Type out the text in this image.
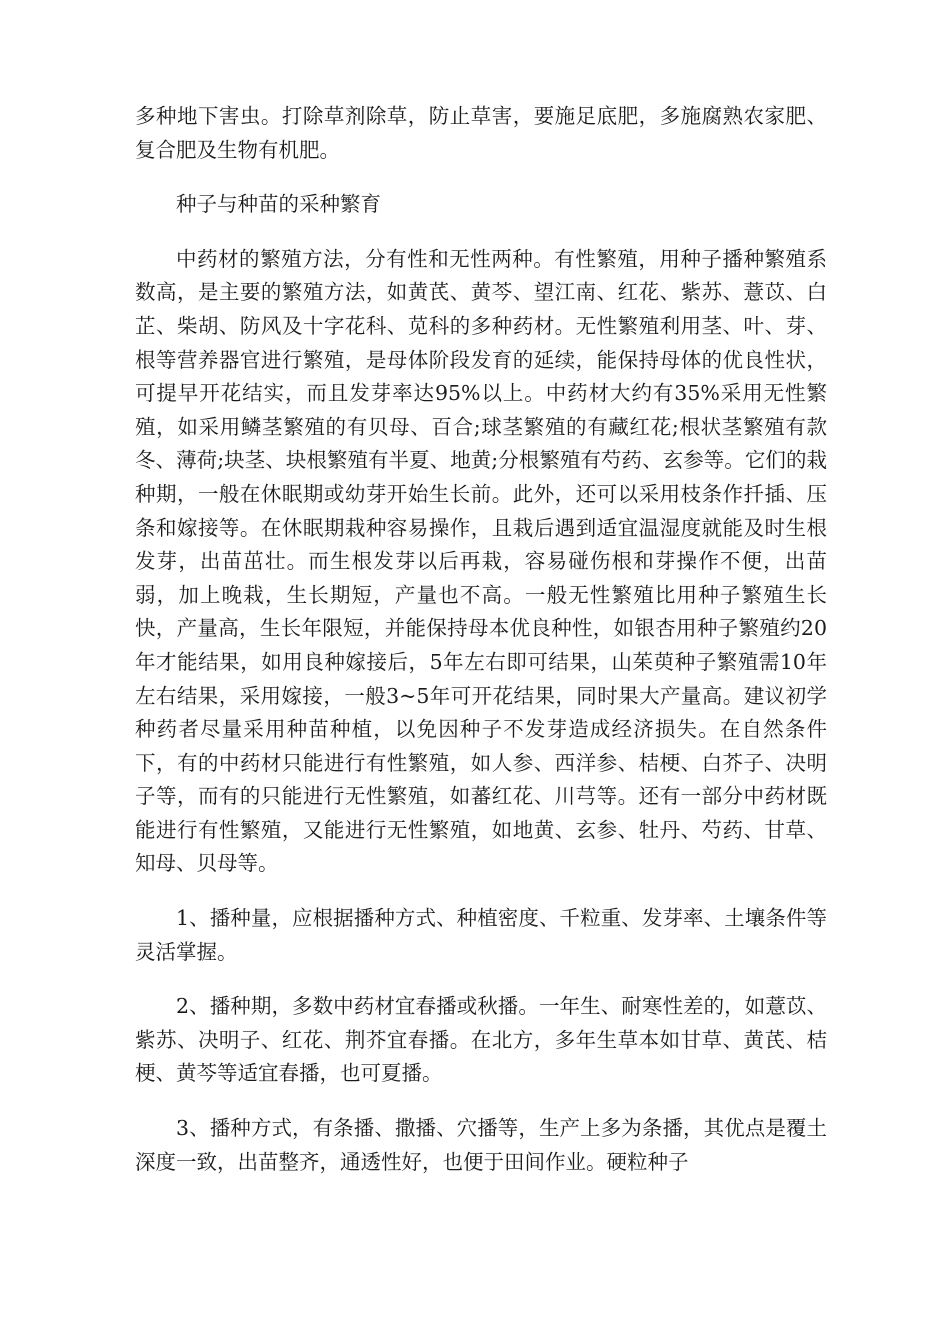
多种地下害虫。打除草剂除草，防止草害，要施足底肥，多施腐熟农家肥、复合肥及生物有机肥。

种子与种苗的采种繁育

中药材的繁殖方法，分有性和无性两种。有性繁殖，用种子播种繁殖系数高，是主要的繁殖方法，如黄芪、黄芩、望江南、红花、紫苏、薏苡、白芷、柴胡、防风及十字花科、苋科的多种药材。无性繁殖利用茎、叶、芽、根等营养器官进行繁殖，是母体阶段发育的延续，能保持母体的优良性状，可提早开花结实，而且发芽率达95%以上。中药材大约有35%采用无性繁殖，如采用鳞茎繁殖的有贝母、百合;球茎繁殖的有藏红花;根状茎繁殖有款冬、薄荷;块茎、块根繁殖有半夏、地黄;分根繁殖有芍药、玄参等。它们的栽种期，一般在休眠期或幼芽开始生长前。此外，还可以采用枝条作扦插、压条和嫁接等。在休眠期栽种容易操作，且栽后遇到适宜温湿度就能及时生根发芽，出苗茁壮。而生根发芽以后再栽，容易碰伤根和芽操作不便，出苗弱，加上晚栽，生长期短，产量也不高。一般无性繁殖比用种子繁殖生长快，产量高，生长年限短，并能保持母本优良种性，如银杏用种子繁殖约20年才能结果，如用良种嫁接后，5年左右即可结果，山茱萸种子繁殖需10年左右结果，采用嫁接，一般3~5年可开花结果，同时果大产量高。建议初学种药者尽量采用种苗种植，以免因种子不发芽造成经济损失。在自然条件下，有的中药材只能进行有性繁殖，如人参、西洋参、桔梗、白芥子、决明子等，而有的只能进行无性繁殖，如蕃红花、川芎等。还有一部分中药材既能进行有性繁殖，又能进行无性繁殖，如地黄、玄参、牡丹、芍药、甘草、知母、贝母等。

1、播种量，应根据播种方式、种植密度、千粒重、发芽率、土壤条件等灵活掌握。

2、播种期，多数中药材宜春播或秋播。一年生、耐寒性差的，如薏苡、紫苏、决明子、红花、荆芥宜春播。在北方，多年生草本如甘草、黄芪、桔梗、黄芩等适宜春播，也可夏播。

3、播种方式，有条播、撒播、穴播等，生产上多为条播，其优点是覆土深度一致，出苗整齐，通透性好，也便于田间作业。硬粒种子
